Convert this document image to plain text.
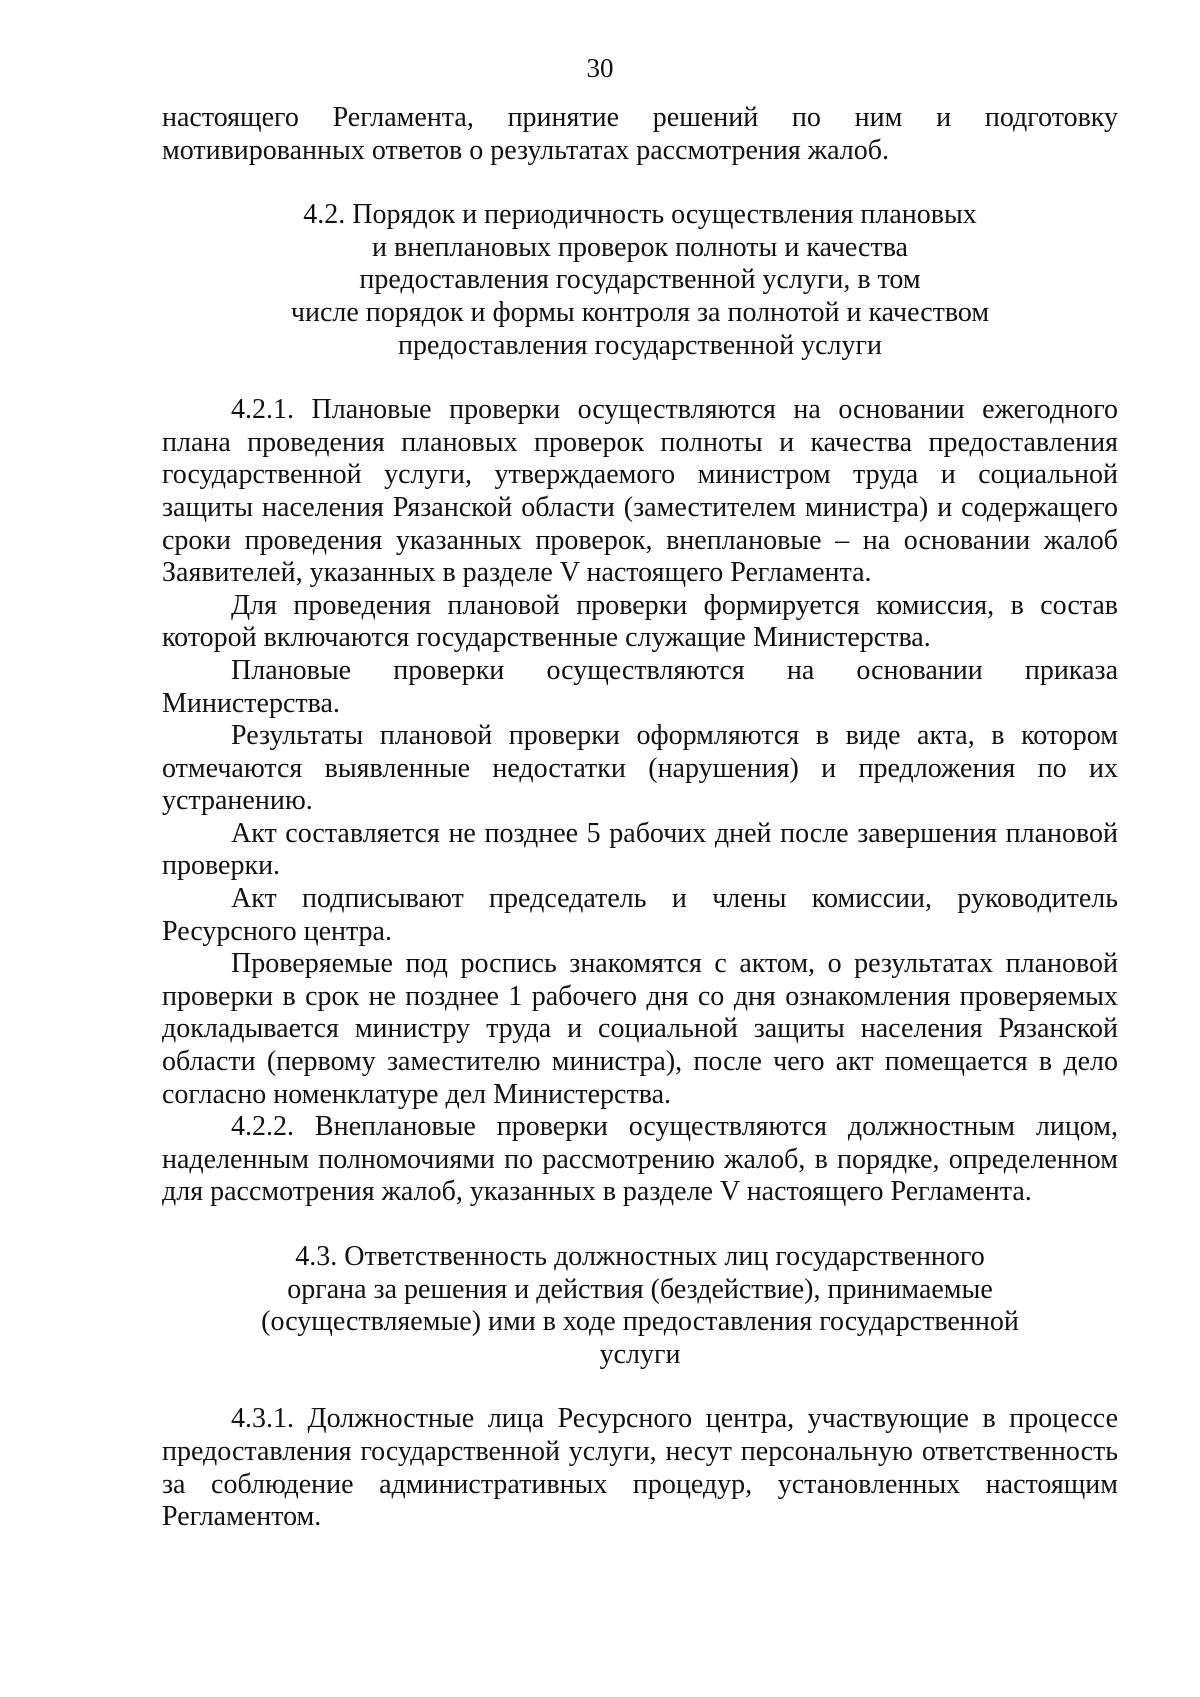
30

настоящего Регламента, принятие решений по ним и подготовку мотивированных ответов о результатах рассмотрения жалоб.

4.2. Порядок и периодичность осуществления плановых
и внеплановых проверок полноты и качества
предоставления государственной услуги, в том
числе порядок и формы контроля за полнотой и качеством
предоставления государственной услуги

4.2.1. Плановые проверки осуществляются на основании ежегодного плана проведения плановых проверок полноты и качества предоставления государственной услуги, утверждаемого министром труда и социальной защиты населения Рязанской области (заместителем министра) и содержащего сроки проведения указанных проверок, внеплановые – на основании жалоб Заявителей, указанных в разделе V настоящего Регламента.

Для проведения плановой проверки формируется комиссия, в состав которой включаются государственные служащие Министерства.

Плановые проверки осуществляются на основании приказа Министерства.

Результаты плановой проверки оформляются в виде акта, в котором отмечаются выявленные недостатки (нарушения) и предложения по их устранению.

Акт составляется не позднее 5 рабочих дней после завершения плановой проверки.

Акт подписывают председатель и члены комиссии, руководитель Ресурсного центра.

Проверяемые под роспись знакомятся с актом, о результатах плановой проверки в срок не позднее 1 рабочего дня со дня ознакомления проверяемых докладывается министру труда и социальной защиты населения Рязанской области (первому заместителю министра), после чего акт помещается в дело согласно номенклатуре дел Министерства.

4.2.2. Внеплановые проверки осуществляются должностным лицом, наделенным полномочиями по рассмотрению жалоб, в порядке, определенном для рассмотрения жалоб, указанных в разделе V настоящего Регламента.

4.3. Ответственность должностных лиц государственного
органа за решения и действия (бездействие), принимаемые
(осуществляемые) ими в ходе предоставления государственной
услуги

4.3.1. Должностные лица Ресурсного центра, участвующие в процессе предоставления государственной услуги, несут персональную ответственность за соблюдение административных процедур, установленных настоящим Регламентом.
